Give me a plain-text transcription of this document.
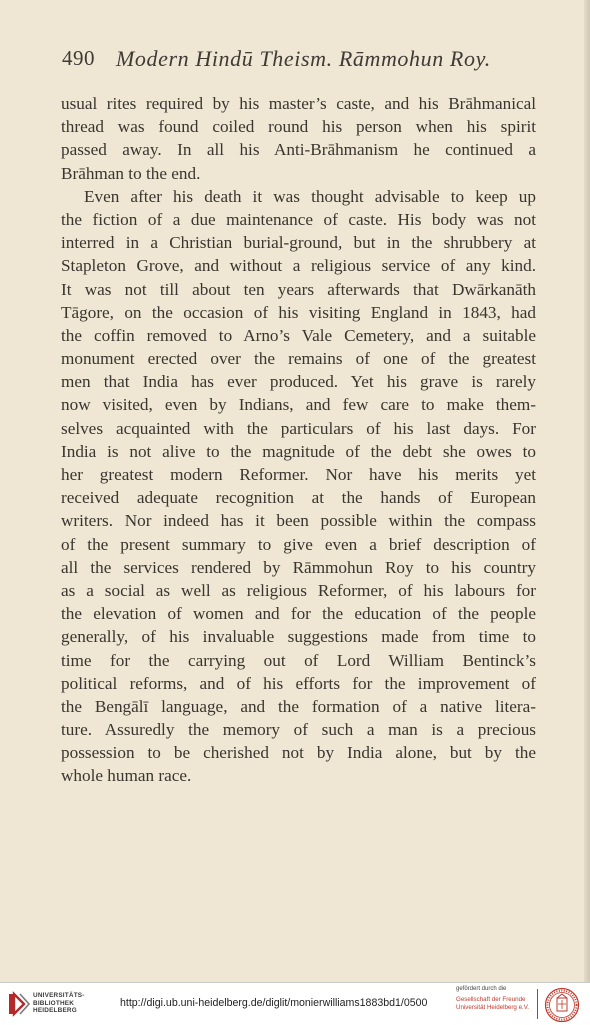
490 Modern Hindū Theism. Rāmmohun Roy.
usual rites required by his master’s caste, and his Brāhmanical
thread was found coiled round his person when his spirit
passed away. In all his Anti-Brāhmanism he continued a
Brāhman to the end.
Even after his death it was thought advisable to keep up
the fiction of a due maintenance of caste. His body was not
interred in a Christian burial-ground, but in the shrubbery at
Stapleton Grove, and without a religious service of any kind.
It was not till about ten years afterwards that Dwārkanāth
Tāgore, on the occasion of his visiting England in 1843, had
the coffin removed to Arno’s Vale Cemetery, and a suitable
monument erected over the remains of one of the greatest
men that India has ever produced. Yet his grave is rarely
now visited, even by Indians, and few care to make them-
selves acquainted with the particulars of his last days. For
India is not alive to the magnitude of the debt she owes to
her greatest modern Reformer. Nor have his merits yet
received adequate recognition at the hands of European
writers. Nor indeed has it been possible within the compass
of the present summary to give even a brief description of
all the services rendered by Rāmmohun Roy to his country
as a social as well as religious Reformer, of his labours for
the elevation of women and for the education of the people
generally, of his invaluable suggestions made from time to
time for the carrying out of Lord William Bentinck’s
political reforms, and of his efforts for the improvement of
the Bengālī language, and the formation of a native litera-
ture. Assuredly the memory of such a man is a precious
possession to be cherished not by India alone, but by the
whole human race.
UNIVERSITÄTS-
BIBLIOTHEK
HEIDELBERG
http://digi.ub.uni-heidelberg.de/diglit/monierwilliams1883bd1/0500
gefördert durch die
Gesellschaft der Freunde
Universität Heidelberg e.V.
